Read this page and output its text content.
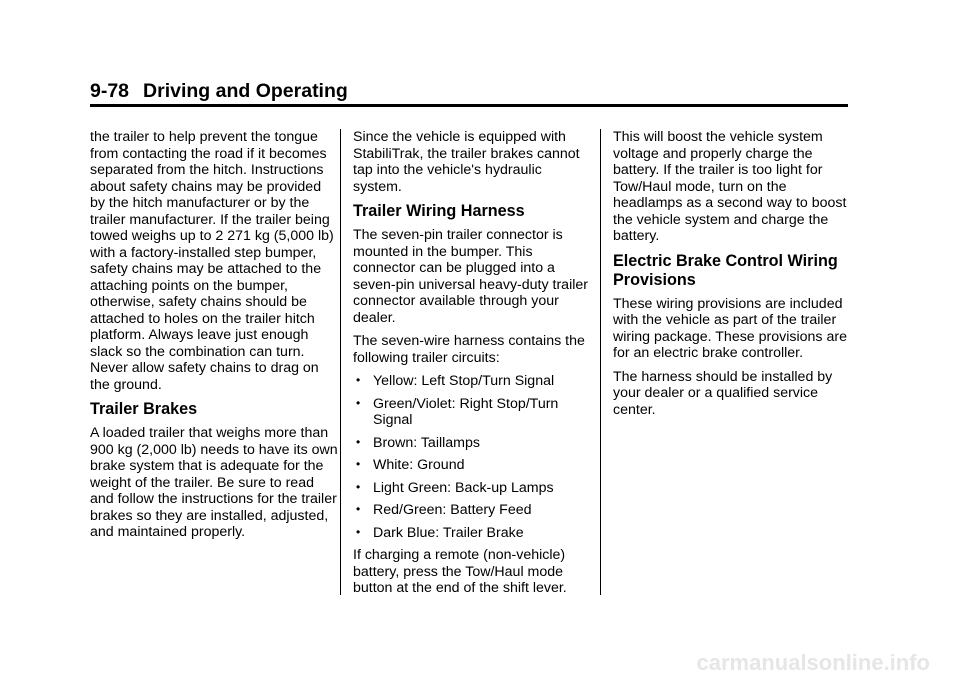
9-78 Driving and Operating

the trailer to help prevent the tongue from contacting the road if it becomes separated from the hitch. Instructions about safety chains may be provided by the hitch manufacturer or by the trailer manufacturer. If the trailer being towed weighs up to 2 271 kg (5,000 lb) with a factory-installed step bumper, safety chains may be attached to the attaching points on the bumper, otherwise, safety chains should be attached to holes on the trailer hitch platform. Always leave just enough slack so the combination can turn. Never allow safety chains to drag on the ground.

Trailer Brakes

A loaded trailer that weighs more than 900 kg (2,000 lb) needs to have its own brake system that is adequate for the weight of the trailer. Be sure to read and follow the instructions for the trailer brakes so they are installed, adjusted, and maintained properly.

Since the vehicle is equipped with StabiliTrak, the trailer brakes cannot tap into the vehicle's hydraulic system.

Trailer Wiring Harness

The seven-pin trailer connector is mounted in the bumper. This connector can be plugged into a seven-pin universal heavy-duty trailer connector available through your dealer.

The seven-wire harness contains the following trailer circuits:

• Yellow: Left Stop/Turn Signal
• Green/Violet: Right Stop/Turn Signal
• Brown: Taillamps
• White: Ground
• Light Green: Back-up Lamps
• Red/Green: Battery Feed
• Dark Blue: Trailer Brake

If charging a remote (non-vehicle) battery, press the Tow/Haul mode button at the end of the shift lever.

This will boost the vehicle system voltage and properly charge the battery. If the trailer is too light for Tow/Haul mode, turn on the headlamps as a second way to boost the vehicle system and charge the battery.

Electric Brake Control Wiring Provisions

These wiring provisions are included with the vehicle as part of the trailer wiring package. These provisions are for an electric brake controller.

The harness should be installed by your dealer or a qualified service center.

carmanualsonline.info
